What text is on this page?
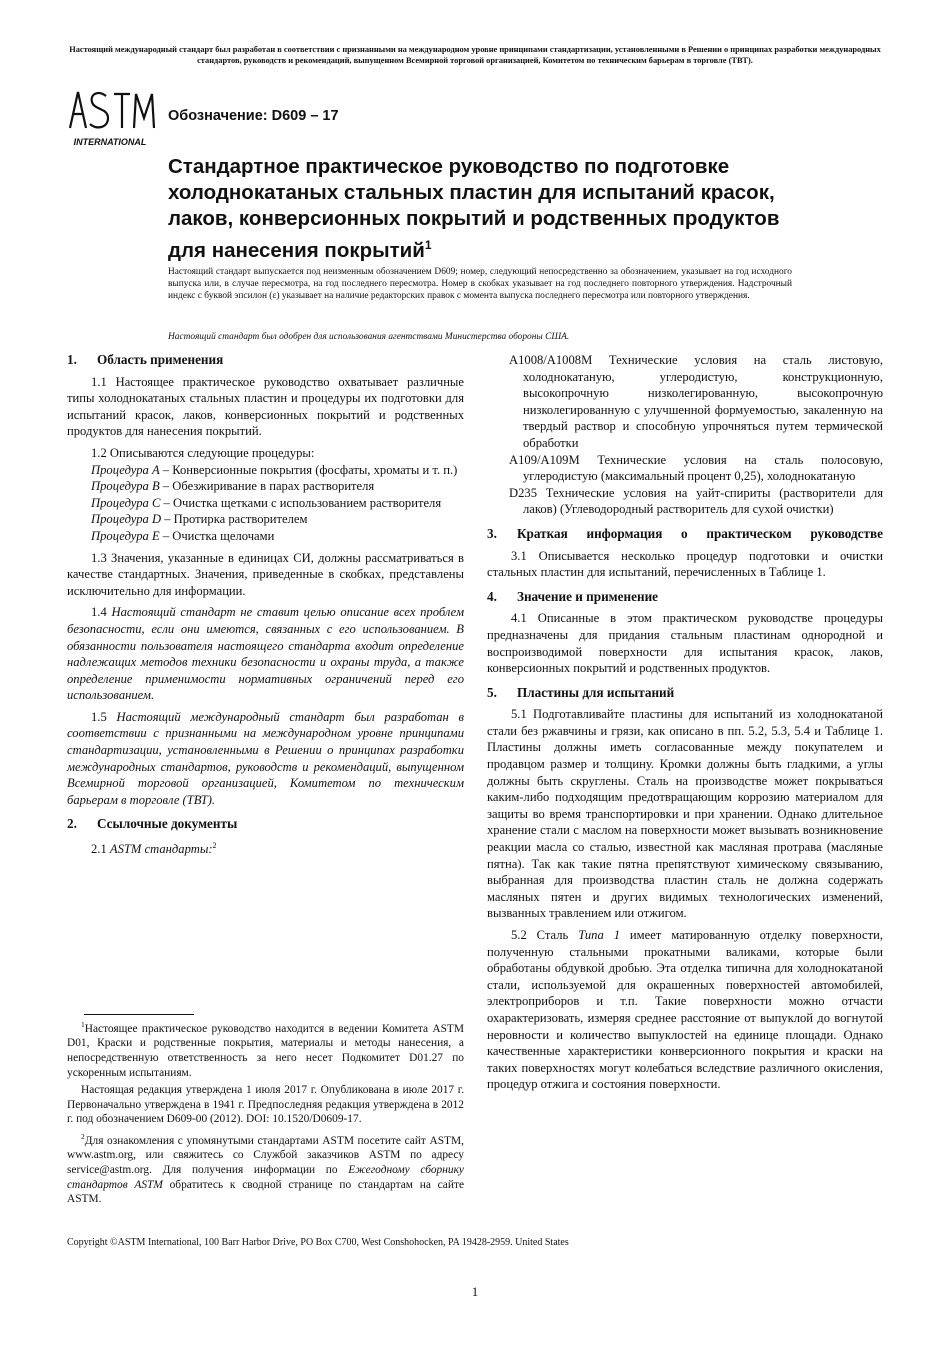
Настоящий международный стандарт был разработан в соответствии с признанными на международном уровне принципами стандартизации, установленными в Решении о принципах разработки международных стандартов, руководств и рекомендаций, выпущенном Всемирной торговой организацией, Комитетом по техническим барьерам в торговле (ТВТ).
INTERNATIONAL
Обозначение: D609 – 17
Стандартное практическое руководство по подготовке холоднокатаных стальных пластин для испытаний красок, лаков, конверсионных покрытий и родственных продуктов для нанесения покрытий$^1$

Настоящий стандарт выпускается под неизменным обозначением D609; номер, следующий непосредственно за обозначением, указывает на год исходного выпуска или, в случае пересмотра, на год последнего пересмотра. Номер в скобках указывает на год последнего повторного утверждения. Надстрочный индекс с буквой эпсилон (ε) указывает на наличие редакторских правок с момента выпуска последнего пересмотра или повторного утверждения.

Настоящий стандарт был одобрен для использования агентствами Министерства обороны США.

1.	Область применения

1.1 Настоящее практическое руководство охватывает различные типы холоднокатаных стальных пластин и процедуры их подготовки для испытаний красок, лаков, конверсионных покрытий и родственных продуктов для нанесения покрытий.

1.2 Описываются следующие процедуры:

Процедура A – Конверсионные покрытия (фосфаты, хроматы и т. п.)

Процедура B – Обезжиривание в парах растворителя

Процедура C – Очистка щетками с использованием растворителя

Процедура D – Протирка растворителем

Процедура E – Очистка щелочами

1.3 Значения, указанные в единицах СИ, должны рассматриваться в качестве стандартных. Значения, приведенные в скобках, представлены исключительно для информации.

1.4 Настоящий стандарт не ставит целью описание всех проблем безопасности, если они имеются, связанных с его использованием. В обязанности пользователя настоящего стандарта входит определение надлежащих методов техники безопасности и охраны труда, а также определение применимости нормативных ограничений перед его использованием.

1.5 Настоящий международный стандарт был разработан в соответствии с признанными на международном уровне принципами стандартизации, установленными в Решении о принципах разработки международных стандартов, руководств и рекомендаций, выпущенном Всемирной торговой организацией, Комитетом по техническим барьерам в торговле (ТВТ).

2.	Ссылочные документы

2.1 ASTM стандарты:$^2$

$^1$Настоящее практическое руководство находится в ведении Комитета ASTM D01, Краски и родственные покрытия, материалы и методы нанесения, а непосредственную ответственность за него несет Подкомитет D01.27 по ускоренным испытаниям.

Настоящая редакция утверждена 1 июля 2017 г. Опубликована в июле 2017 г. Первоначально утверждена в 1941 г. Предпоследняя редакция утверждена в 2012 г. под обозначением D609-00 (2012). DOI: 10.1520/D0609-17.

$^2$Для ознакомления с упомянутыми стандартами ASTM посетите сайт ASTM, www.astm.org, или свяжитесь со Службой заказчиков ASTM по адресу service@astm.org. Для получения информации по Ежегодному сборнику стандартов ASTM обратитесь к сводной странице по стандартам на сайте ASTM.

A1008/A1008M Технические условия на сталь листовую, холоднокатаную, углеродистую, конструкционную, высокопрочную низколегированную, высокопрочную низколегированную с улучшенной формуемостью, закаленную на твердый раствор и способную упрочняться путем термической обработки

A109/A109M Технические условия на сталь полосовую, углеродистую (максимальный процент 0,25), холоднокатаную

D235 Технические условия на уайт-спириты (растворители для лаков) (Углеводородный растворитель для сухой очистки)

3.	Краткая информация о практическом руководстве

3.1 Описывается несколько процедур подготовки и очистки стальных пластин для испытаний, перечисленных в Таблице 1.

4.	Значение и применение

4.1 Описанные в этом практическом руководстве процедуры предназначены для придания стальным пластинам однородной и воспроизводимой поверхности для испытания красок, лаков, конверсионных покрытий и родственных продуктов.

5.	Пластины для испытаний

5.1 Подготавливайте пластины для испытаний из холоднокатаной стали без ржавчины и грязи, как описано в пп. 5.2, 5.3, 5.4 и Таблице 1. Пластины должны иметь согласованные между покупателем и продавцом размер и толщину. Кромки должны быть гладкими, а углы должны быть скруглены. Сталь на производстве может покрываться каким-либо подходящим предотвращающим коррозию материалом для защиты во время транспортировки и при хранении. Однако длительное хранение стали с маслом на поверхности может вызывать возникновение реакции масла со сталью, известной как масляная протрава (масляные пятна). Так как такие пятна препятствуют химическому связыванию, выбранная для производства пластин сталь не должна содержать масляных пятен и других видимых технологических изменений, вызванных травлением или отжигом.

5.2 Сталь Типа 1 имеет матированную отделку поверхности, полученную стальными прокатными валиками, которые были обработаны обдувкой дробью. Эта отделка типична для холоднокатаной стали, используемой для окрашенных поверхностей автомобилей, электроприборов и т.п. Такие поверхности можно отчасти охарактеризовать, измеряя среднее расстояние от выпуклой до вогнутой неровности и количество выпуклостей на единице площади. Однако качественные характеристики конверсионного покрытия и краски на таких поверхностях могут колебаться вследствие различного окисления, процедур отжига и состояния поверхности.

Copyright ©ASTM International, 100 Barr Harbor Drive, PO Box C700, West Conshohocken, PA 19428-2959. United States
1
